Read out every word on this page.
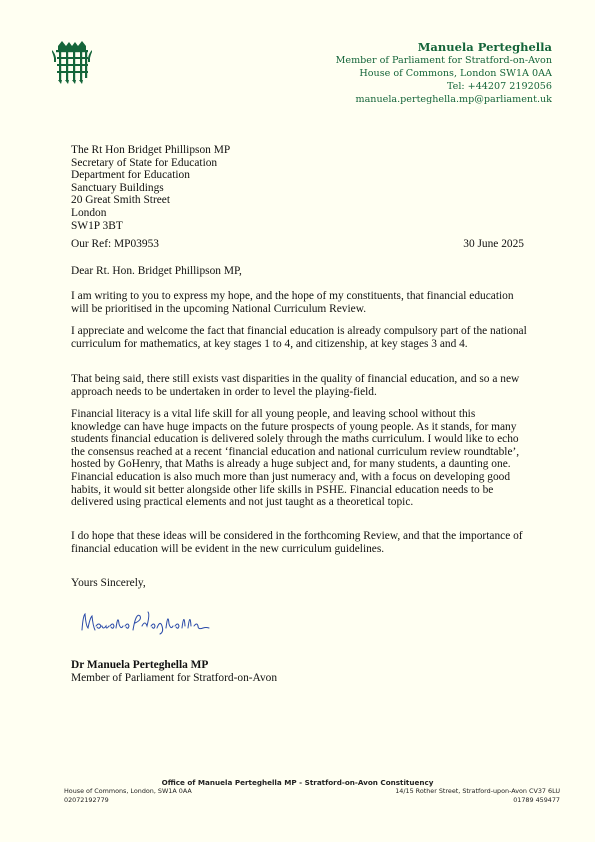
Manuela Perteghella
Member of Parliament for Stratford-on-Avon
House of Commons, London SW1A 0AA
Tel: +44207 2192056
manuela.perteghella.mp@parliament.uk
The Rt Hon Bridget Phillipson MP
Secretary of State for Education
Department for Education
Sanctuary Buildings
20 Great Smith Street
London
SW1P 3BT
Our Ref: MP03953	30 June 2025
Dear Rt. Hon. Bridget Phillipson MP,

I am writing to you to express my hope, and the hope of my constituents, that financial education will be prioritised in the upcoming National Curriculum Review.

I appreciate and welcome the fact that financial education is already compulsory part of the national curriculum for mathematics, at key stages 1 to 4, and citizenship, at key stages 3 and 4.

That being said, there still exists vast disparities in the quality of financial education, and so a new approach needs to be undertaken in order to level the playing-field.

Financial literacy is a vital life skill for all young people, and leaving school without this knowledge can have huge impacts on the future prospects of young people. As it stands, for many students financial education is delivered solely through the maths curriculum. I would like to echo the consensus reached at a recent ‘financial education and national curriculum review roundtable’, hosted by GoHenry, that Maths is already a huge subject and, for many students, a daunting one. Financial education is also much more than just numeracy and, with a focus on developing good habits, it would sit better alongside other life skills in PSHE. Financial education needs to be delivered using practical elements and not just taught as a theoretical topic.

I do hope that these ideas will be considered in the forthcoming Review, and that the importance of financial education will be evident in the new curriculum guidelines.

Yours Sincerely,
Dr Manuela Perteghella MP
Member of Parliament for Stratford-on-Avon
Office of Manuela Perteghella MP - Stratford-on-Avon Constituency
House of Commons, London, SW1A 0AA	14/15 Rother Street, Stratford-upon-Avon CV37 6LU
02072192779	01789 459477
